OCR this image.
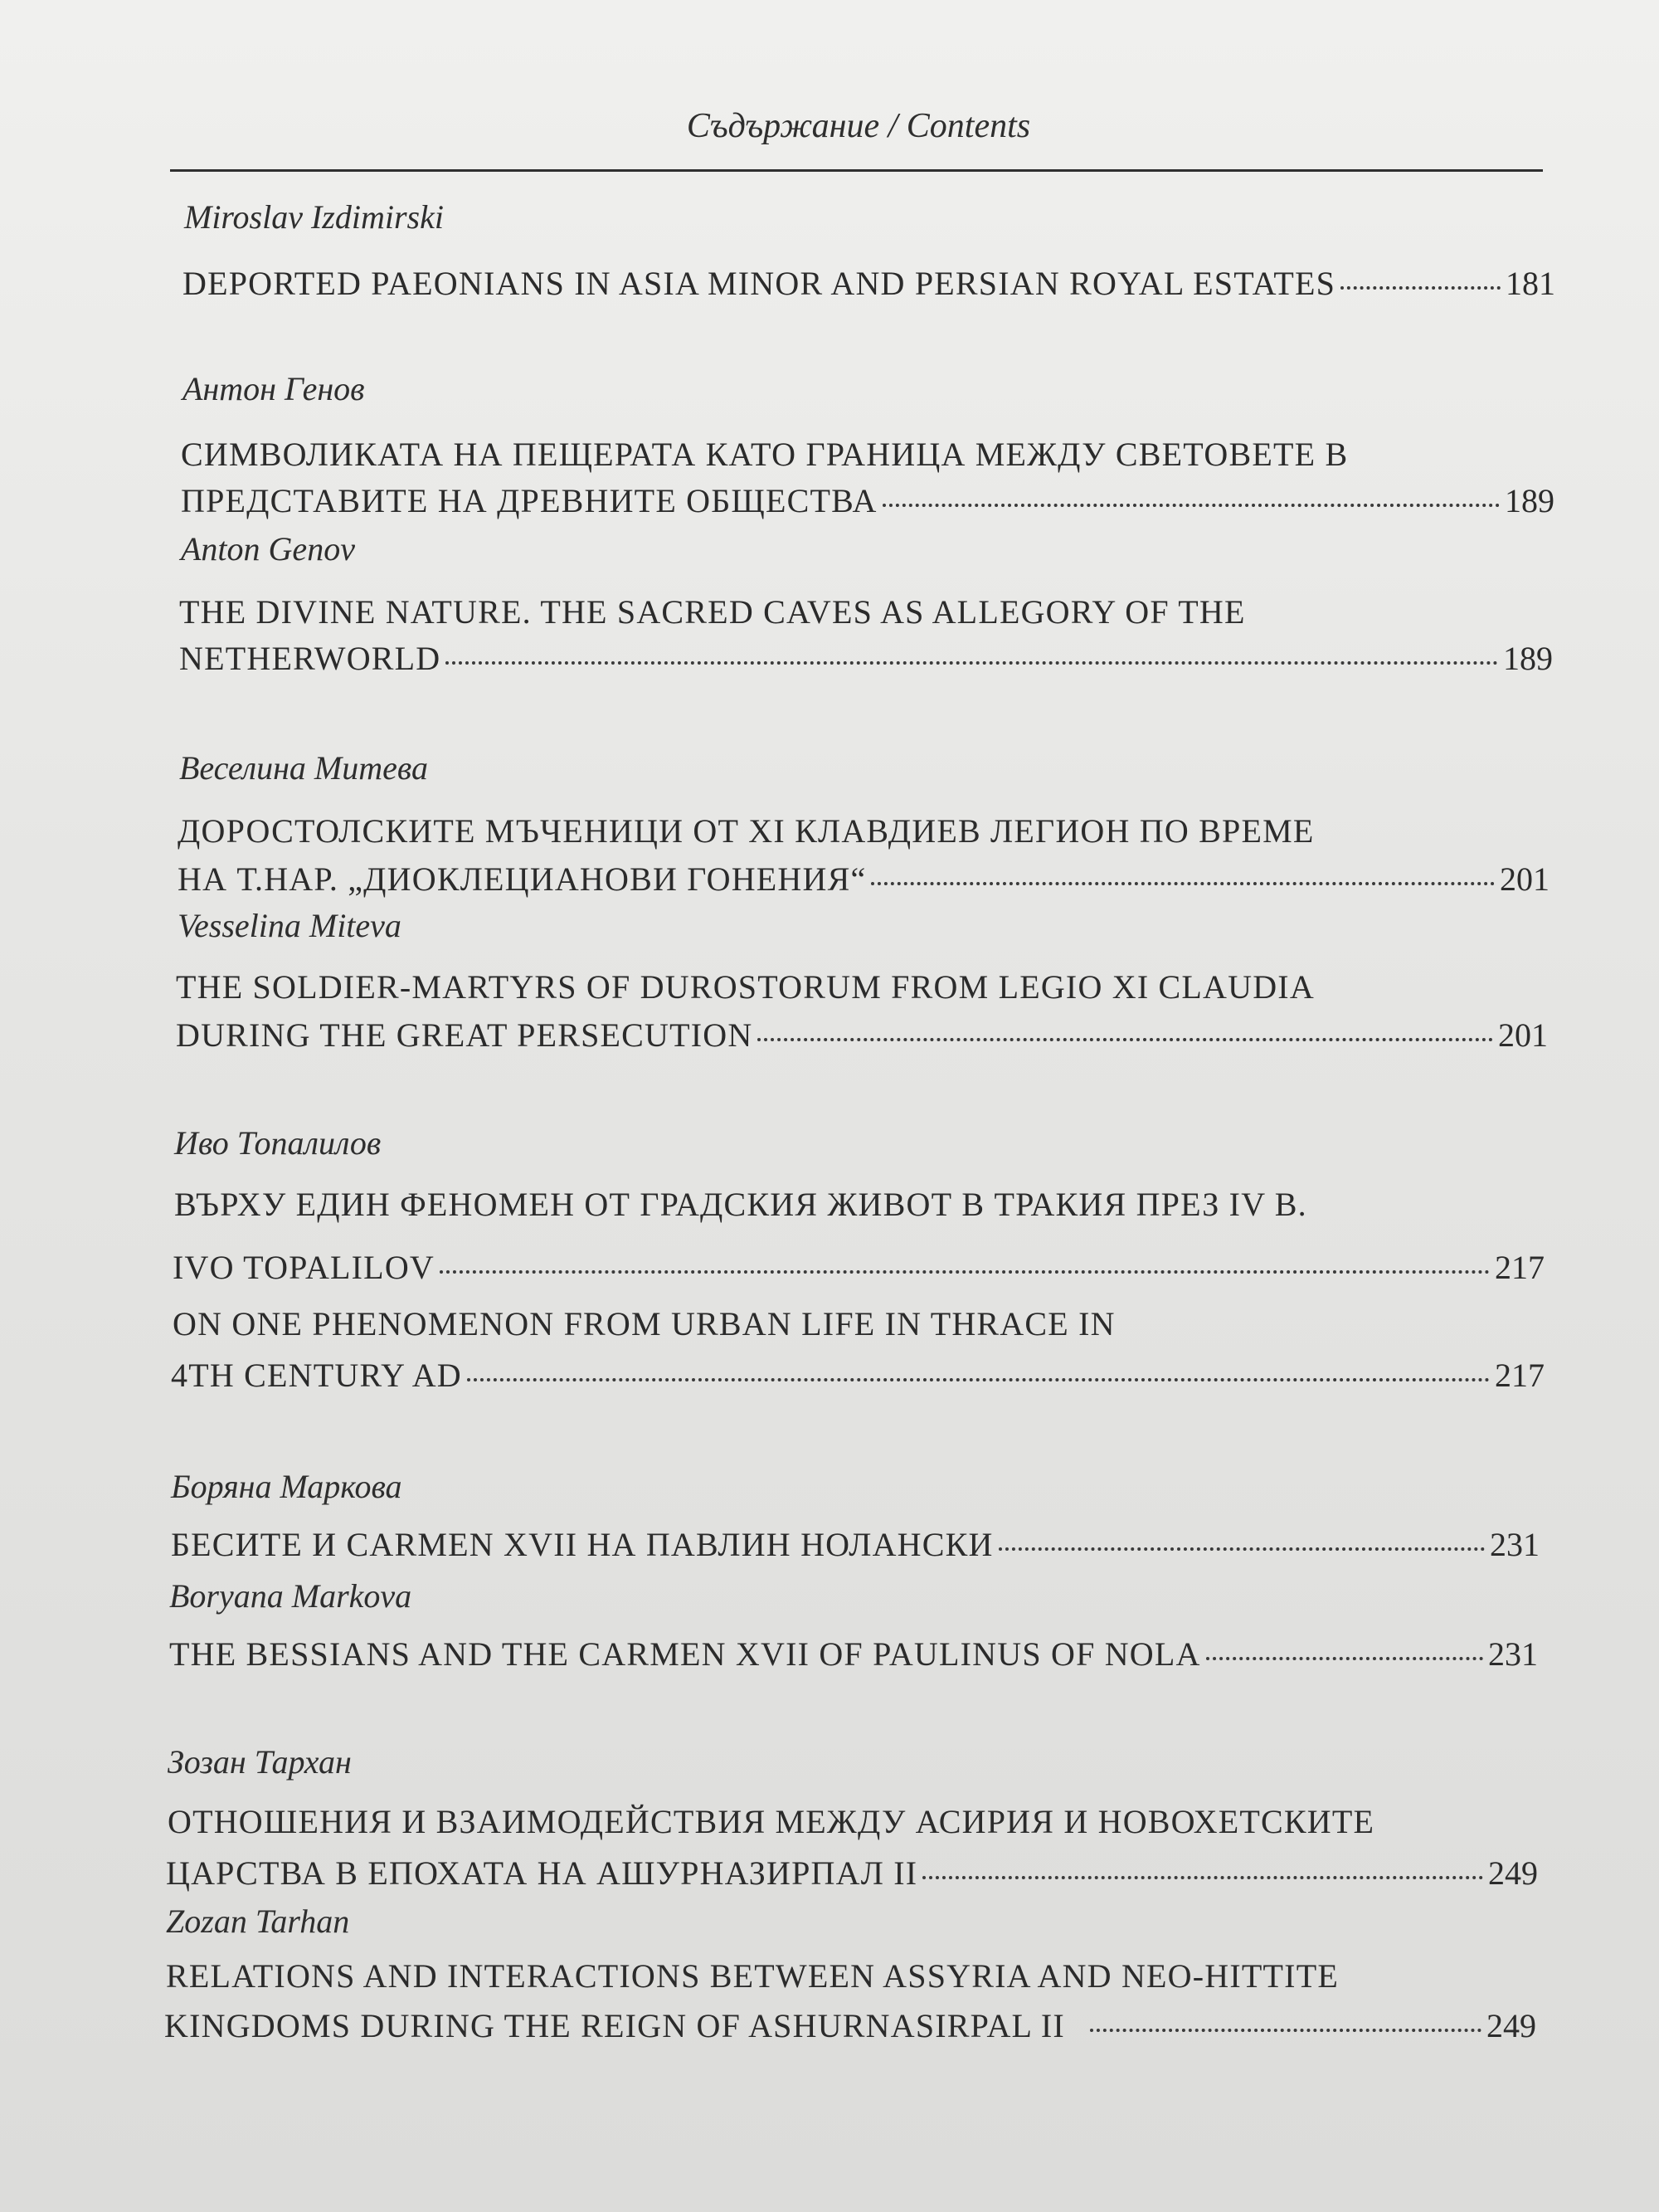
Съдържание / Contents
Miroslav Izdimirski
DEPORTED PAEONIANS IN ASIA MINOR AND PERSIAN ROYAL ESTATES	181
Антон Генов
СИМВОЛИКАТА НА ПЕЩЕРАТА КАТО ГРАНИЦА МЕЖДУ СВЕТОВЕТЕ В
ПРЕДСТАВИТЕ НА ДРЕВНИТЕ ОБЩЕСТВА	189
Anton Genov
THE DIVINE NATURE. THE SACRED CAVES AS ALLEGORY OF THE
NETHERWORLD	189
Веселина Митева
ДОРОСТОЛСКИТЕ МЪЧЕНИЦИ ОТ XI КЛАВДИЕВ ЛЕГИОН ПО ВРЕМЕ
НА Т.НАР. „ДИОКЛЕЦИАНОВИ ГОНЕНИЯ“	201
Vesselina Miteva
THE SOLDIER-MARTYRS OF DUROSTORUM FROM LEGIO XI CLAUDIA
DURING THE GREAT PERSECUTION	201
Иво Топалилов
ВЪРХУ ЕДИН ФЕНОМЕН ОТ ГРАДСКИЯ ЖИВОТ В ТРАКИЯ ПРЕЗ IV В.
IVO TOPALILOV	217
ON ONE PHENOMENON FROM URBAN LIFE IN THRACE IN
4TH CENTURY AD	217
Боряна Маркова
БЕСИТЕ И CARMEN XVII НА ПАВЛИН НОЛАНСКИ	231
Boryana Markova
THE BESSIANS AND THE CARMEN XVII OF PAULINUS OF NOLA	231
Зозан Тархан
ОТНОШЕНИЯ И ВЗАИМОДЕЙСТВИЯ МЕЖДУ АСИРИЯ И НОВОХЕТСКИТЕ
ЦАРСТВА В ЕПОХАТА НА АШУРНАЗИРПАЛ II	249
Zozan Tarhan
RELATIONS AND INTERACTIONS BETWEEN ASSYRIA AND NEO-HITTITE
KINGDOMS DURING THE REIGN OF ASHURNASIRPAL II	249
